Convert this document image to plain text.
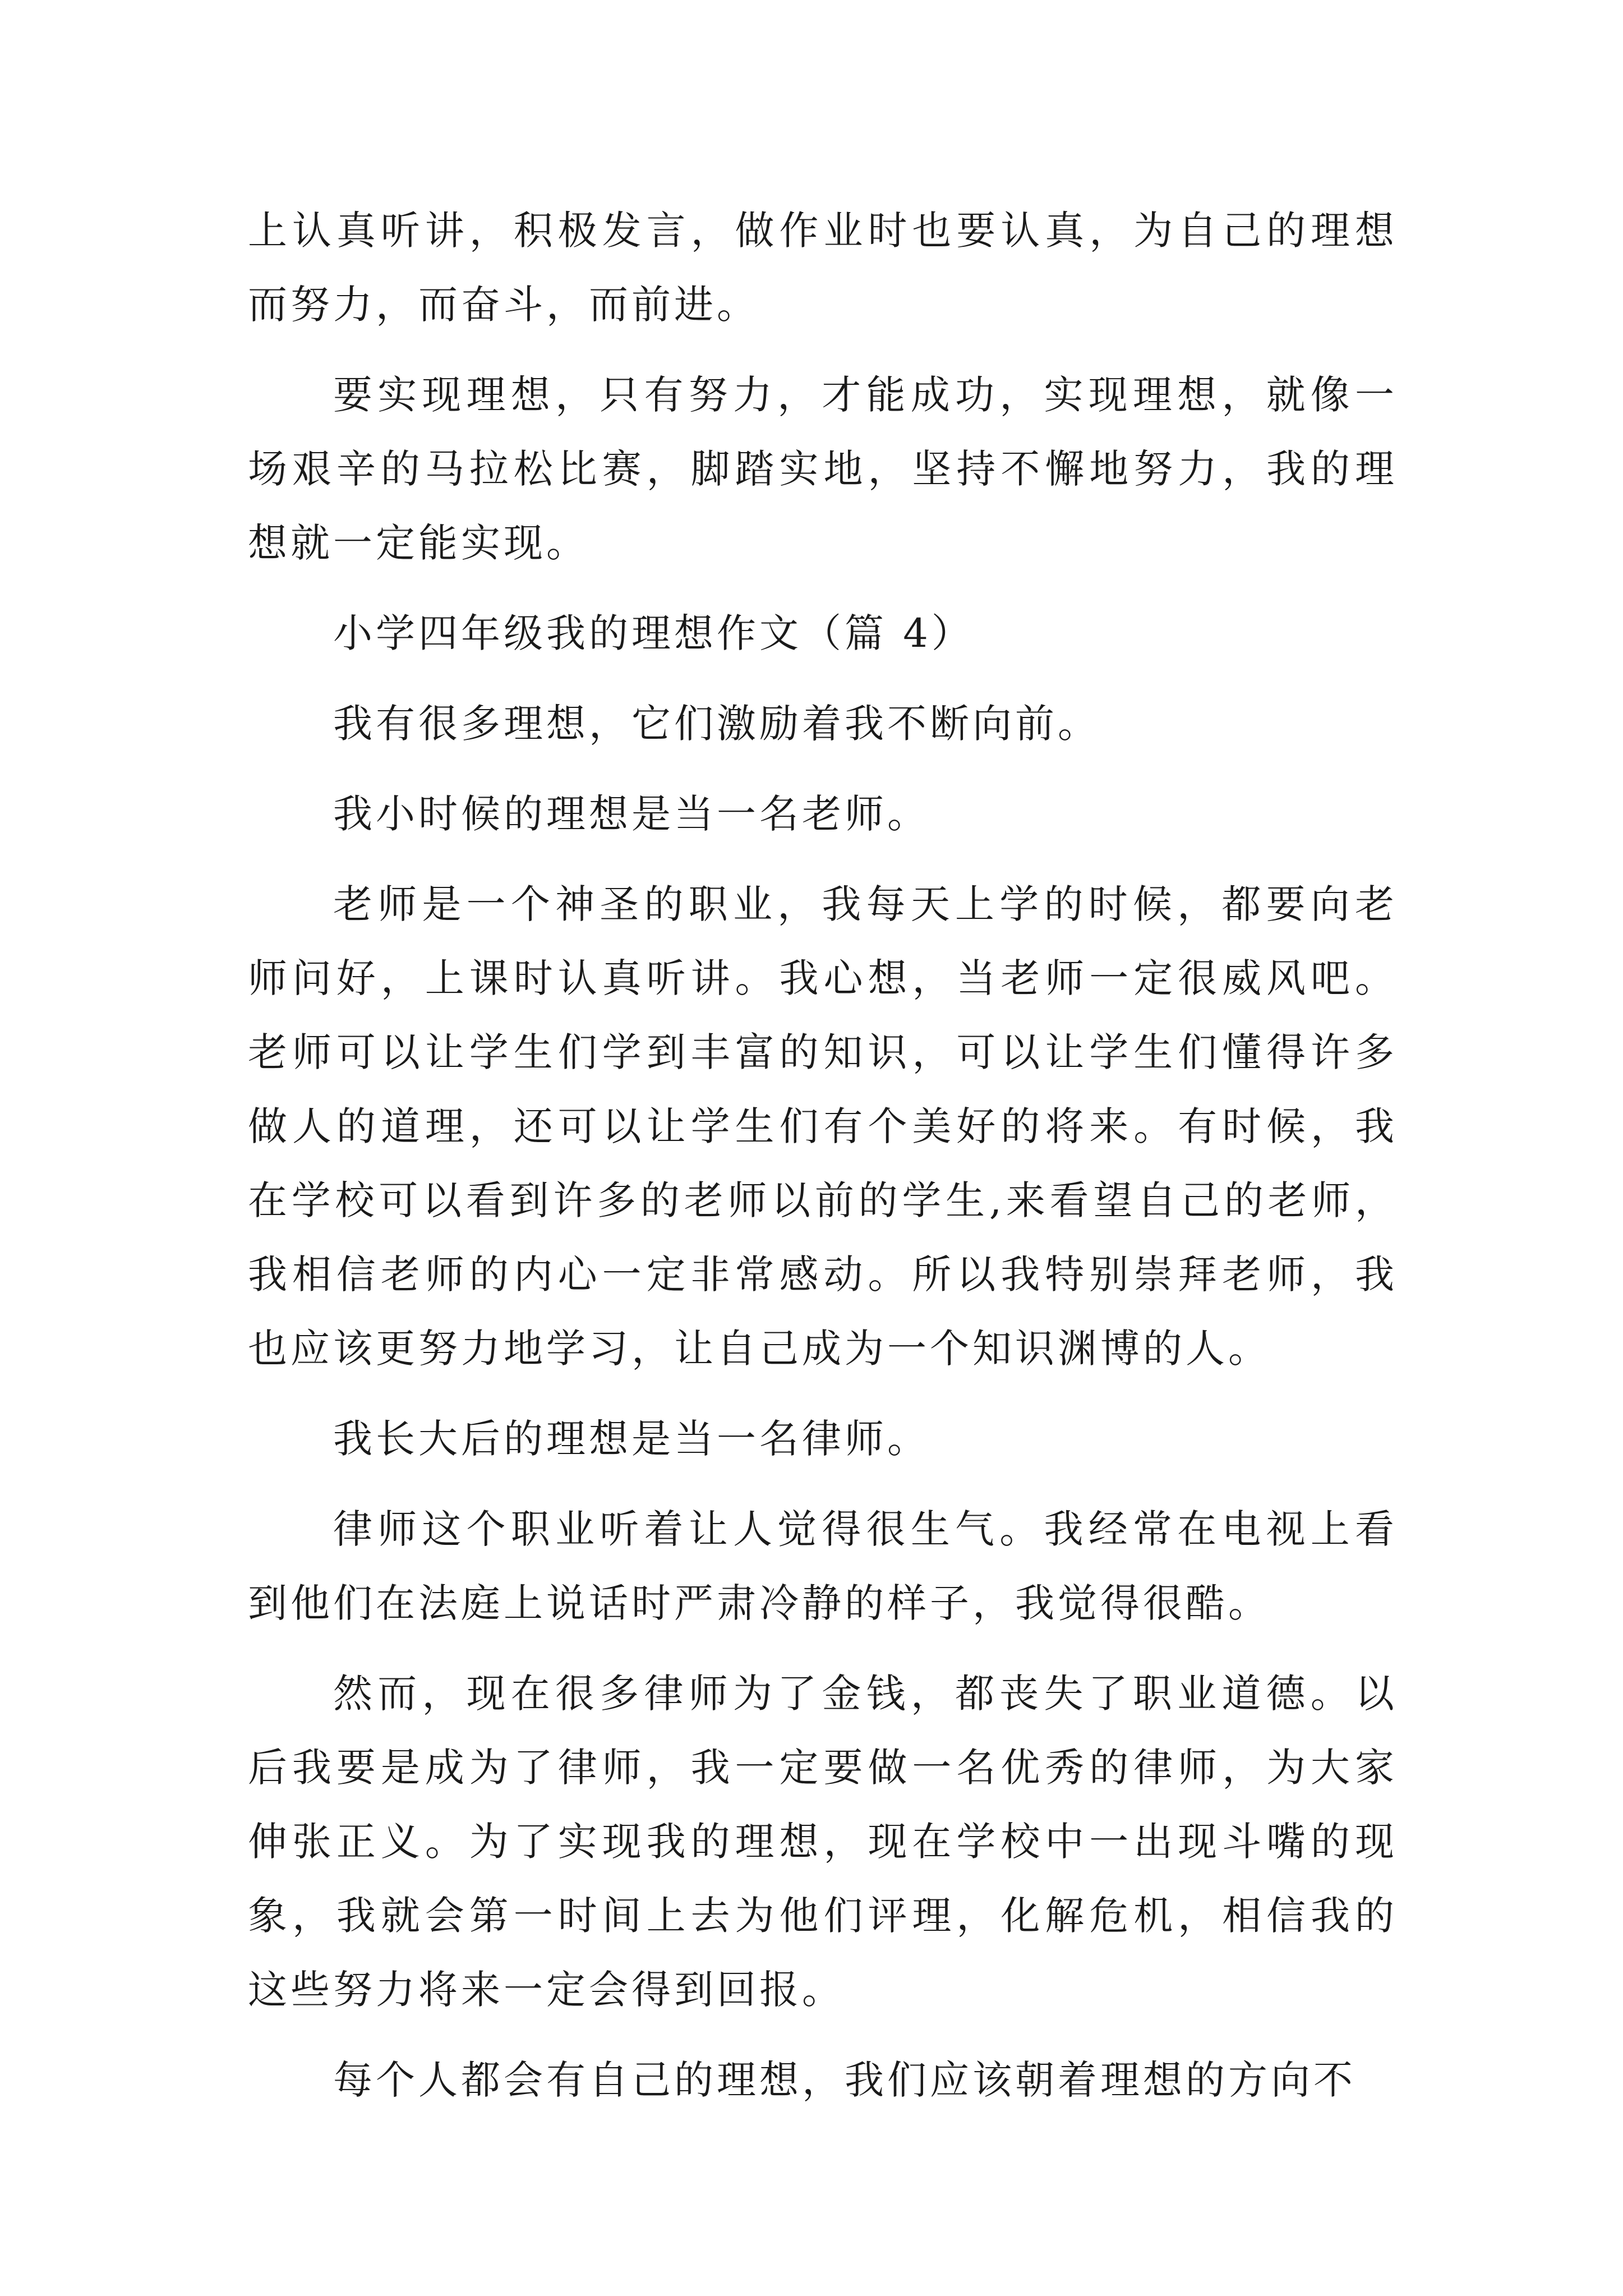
上认真听讲，积极发言，做作业时也要认真，为自己的理想而努力，而奋斗，而前进。

要实现理想，只有努力，才能成功，实现理想，就像一场艰辛的马拉松比赛，脚踏实地，坚持不懈地努力，我的理想就一定能实现。

小学四年级我的理想作文（篇 4）

我有很多理想，它们激励着我不断向前。

我小时候的理想是当一名老师。

老师是一个神圣的职业，我每天上学的时候，都要向老师问好，上课时认真听讲。我心想，当老师一定很威风吧。老师可以让学生们学到丰富的知识，可以让学生们懂得许多做人的道理，还可以让学生们有个美好的将来。有时候，我在学校可以看到许多的老师以前的学生,来看望自己的老师，我相信老师的内心一定非常感动。所以我特别崇拜老师，我也应该更努力地学习，让自己成为一个知识渊博的人。

我长大后的理想是当一名律师。

律师这个职业听着让人觉得很生气。我经常在电视上看到他们在法庭上说话时严肃冷静的样子，我觉得很酷。

然而，现在很多律师为了金钱，都丧失了职业道德。以后我要是成为了律师，我一定要做一名优秀的律师，为大家伸张正义。为了实现我的理想，现在学校中一出现斗嘴的现象，我就会第一时间上去为他们评理，化解危机，相信我的这些努力将来一定会得到回报。

每个人都会有自己的理想，我们应该朝着理想的方向不
